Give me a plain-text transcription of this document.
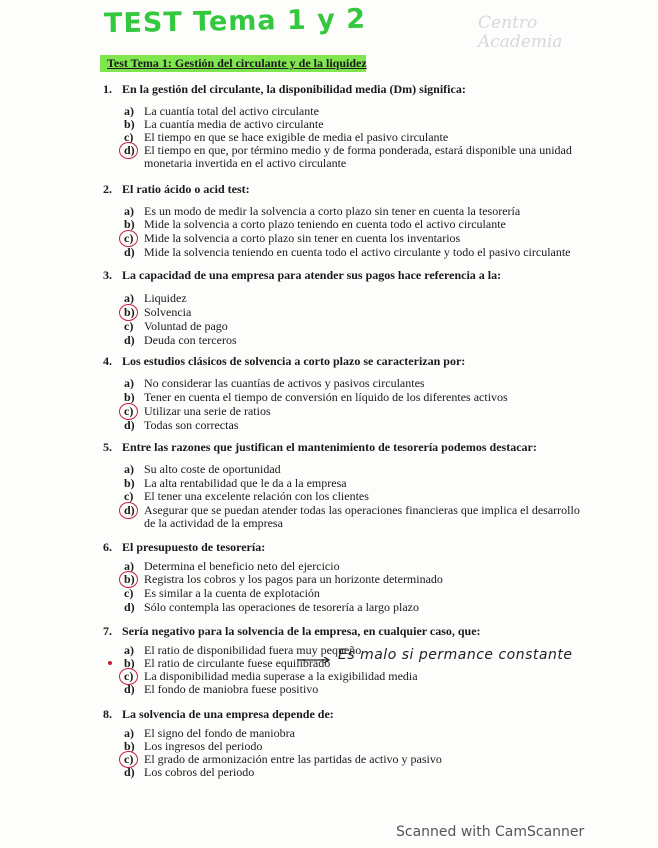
TEST Tema 1 y 2	Centro
Academia
Test Tema 1: Gestión del circulante y de la liquidez
1. En la gestión del circulante, la disponibilidad media (Dm) significa:
a) La cuantía total del activo circulante
b) La cuantía media de activo circulante
c) El tiempo en que se hace exigible de media el pasivo circulante
d) El tiempo en que, por término medio y de forma ponderada, estará disponible una unidad monetaria invertida en el activo circulante
2. El ratio ácido o acid test:
a) Es un modo de medir la solvencia a corto plazo sin tener en cuenta la tesorería
b) Mide la solvencia a corto plazo teniendo en cuenta todo el activo circulante
c) Mide la solvencia a corto plazo sin tener en cuenta los inventarios
d) Mide la solvencia teniendo en cuenta todo el activo circulante y todo el pasivo circulante
3. La capacidad de una empresa para atender sus pagos hace referencia a la:
a) Liquidez
b) Solvencia
c) Voluntad de pago
d) Deuda con terceros
4. Los estudios clásicos de solvencia a corto plazo se caracterizan por:
a) No considerar las cuantías de activos y pasivos circulantes
b) Tener en cuenta el tiempo de conversión en líquido de los diferentes activos
c) Utilizar una serie de ratios
d) Todas son correctas
5. Entre las razones que justifican el mantenimiento de tesorería podemos destacar:
a) Su alto coste de oportunidad
b) La alta rentabilidad que le da a la empresa
c) El tener una excelente relación con los clientes
d) Asegurar que se puedan atender todas las operaciones financieras que implica el desarrollo de la actividad de la empresa
6. El presupuesto de tesorería:
a) Determina el beneficio neto del ejercicio
b) Registra los cobros y los pagos para un horizonte determinado
c) Es similar a la cuenta de explotación
d) Sólo contempla las operaciones de tesorería a largo plazo
7. Sería negativo para la solvencia de la empresa, en cualquier caso, que:
a) El ratio de disponibilidad fuera muy pequeño
b) El ratio de circulante fuese equilibrado
c) La disponibilidad media superase a la exigibilidad media
d) El fondo de maniobra fuese positivo
Es malo si permance constante
8. La solvencia de una empresa depende de:
a) El signo del fondo de maniobra
b) Los ingresos del periodo
c) El grado de armonización entre las partidas de activo y pasivo
d) Los cobros del periodo
Scanned with CamScanner
